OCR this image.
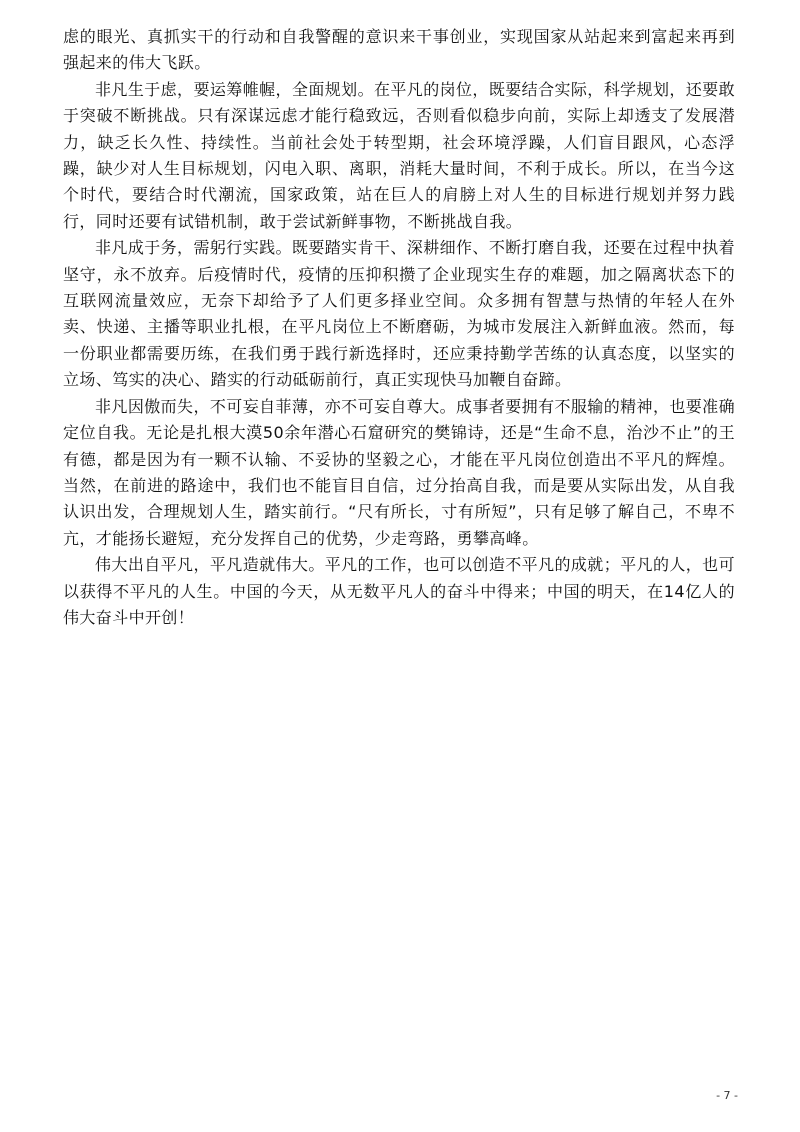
虑的眼光、真抓实干的行动和自我警醒的意识来干事创业，实现国家从站起来到富起来再到强起来的伟大飞跃。

非凡生于虑，要运筹帷幄，全面规划。在平凡的岗位，既要结合实际，科学规划，还要敢于突破不断挑战。只有深谋远虑才能行稳致远，否则看似稳步向前，实际上却透支了发展潜力，缺乏长久性、持续性。当前社会处于转型期，社会环境浮躁，人们盲目跟风，心态浮躁，缺少对人生目标规划，闪电入职、离职，消耗大量时间，不利于成长。所以，在当今这个时代，要结合时代潮流，国家政策，站在巨人的肩膀上对人生的目标进行规划并努力践行，同时还要有试错机制，敢于尝试新鲜事物，不断挑战自我。

非凡成于务，需躬行实践。既要踏实肯干、深耕细作、不断打磨自我，还要在过程中执着坚守，永不放弃。后疫情时代，疫情的压抑积攒了企业现实生存的难题，加之隔离状态下的互联网流量效应，无奈下却给予了人们更多择业空间。众多拥有智慧与热情的年轻人在外卖、快递、主播等职业扎根，在平凡岗位上不断磨砺，为城市发展注入新鲜血液。然而，每一份职业都需要历练，在我们勇于践行新选择时，还应秉持勤学苦练的认真态度，以坚实的立场、笃实的决心、踏实的行动砥砺前行，真正实现快马加鞭自奋蹄。

非凡因傲而失，不可妄自菲薄，亦不可妄自尊大。成事者要拥有不服输的精神，也要准确定位自我。无论是扎根大漠50余年潜心石窟研究的樊锦诗，还是“生命不息，治沙不止”的王有德，都是因为有一颗不认输、不妥协的坚毅之心，才能在平凡岗位创造出不平凡的辉煌。当然，在前进的路途中，我们也不能盲目自信，过分抬高自我，而是要从实际出发，从自我认识出发，合理规划人生，踏实前行。“尺有所长，寸有所短”，只有足够了解自己，不卑不亢，才能扬长避短，充分发挥自己的优势，少走弯路，勇攀高峰。

伟大出自平凡，平凡造就伟大。平凡的工作，也可以创造不平凡的成就；平凡的人，也可以获得不平凡的人生。中国的今天，从无数平凡人的奋斗中得来；中国的明天，在14亿人的伟大奋斗中开创！

- 7 -
